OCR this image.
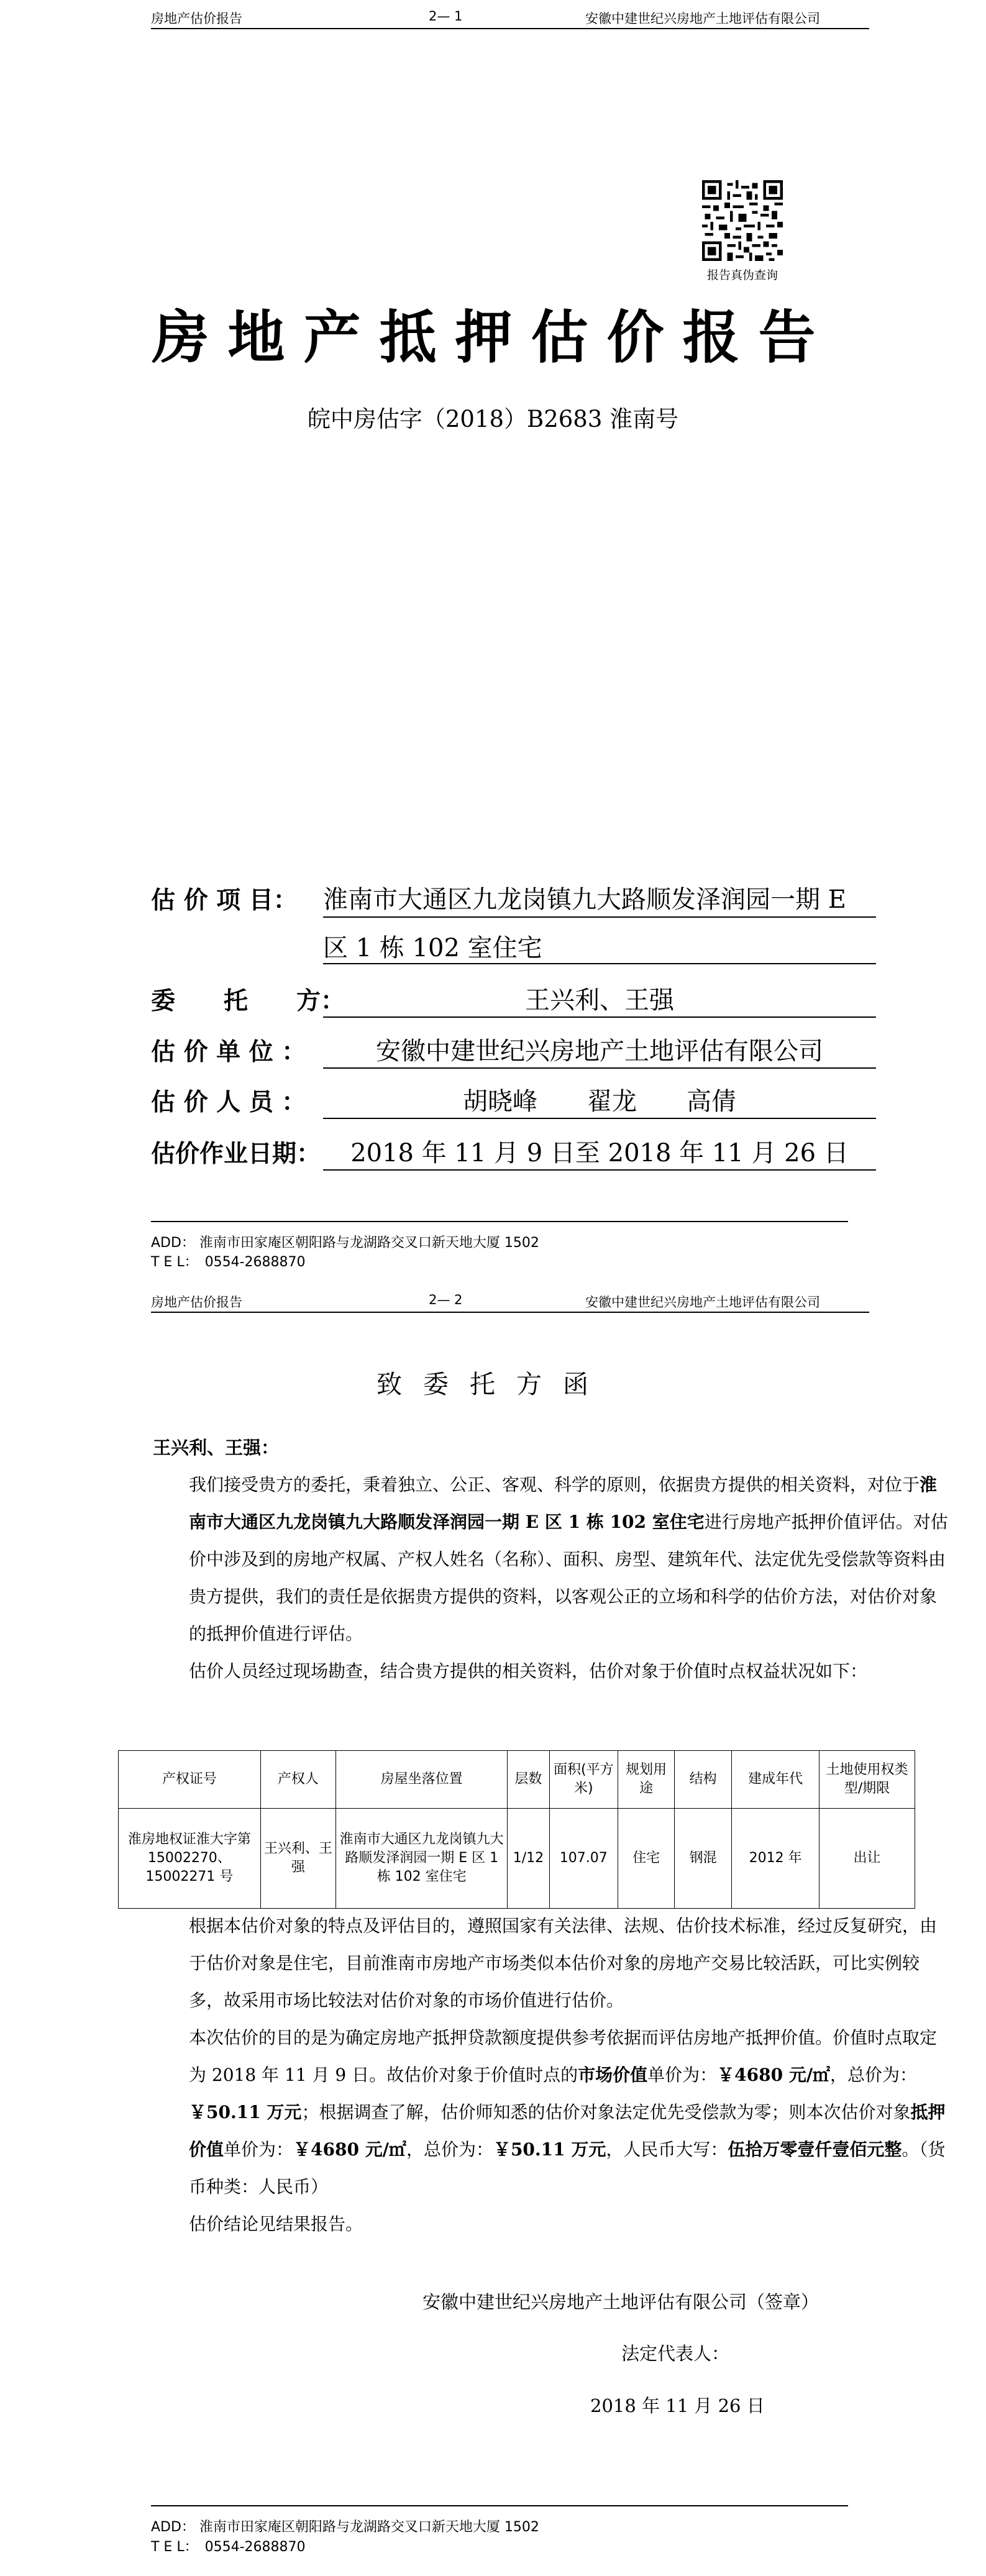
房地产估价报告	2— 1	安徽中建世纪兴房地产土地评估有限公司
报告真伪查询
房地产抵押估价报告
皖中房估字（2018）B2683 淮南号
估 价 项 目： 淮南市大通区九龙岗镇九大路顺发泽润园一期 E
区 1 栋 102 室住宅
委　　托　　方：	王兴利、王强
估 价 单 位 ：	安徽中建世纪兴房地产土地评估有限公司
估 价 人 员 ：	胡晓峰　　翟龙　　高倩
估价作业日期：	2018 年 11 月 9 日至 2018 年 11 月 26 日
ADD： 淮南市田家庵区朝阳路与龙湖路交叉口新天地大厦 1502
T E L：　0554-2688870
房地产估价报告	2— 2	安徽中建世纪兴房地产土地评估有限公司
致委托方函
王兴利、王强：
我们接受贵方的委托，秉着独立、公正、客观、科学的原则，依据贵方提供的相关资料，对位于淮南市大通区九龙岗镇九大路顺发泽润园一期 E 区 1 栋 102 室住宅进行房地产抵押价值评估。对估价中涉及到的房地产权属、产权人姓名（名称）、面积、房型、建筑年代、法定优先受偿款等资料由贵方提供，我们的责任是依据贵方提供的资料，以客观公正的立场和科学的估价方法，对估价对象的抵押价值进行评估。
估价人员经过现场勘查，结合贵方提供的相关资料，估价对象于价值时点权益状况如下：
产权证号	产权人	房屋坐落位置	层数	面积(平方米)	规划用途	结构	建成年代	土地使用权类型/期限
淮房地权证淮大字第 15002270、15002271 号	王兴利、王强	淮南市大通区九龙岗镇九大路顺发泽润园一期 E 区 1 栋 102 室住宅	1/12	107.07	住宅	钢混	2012 年	出让
根据本估价对象的特点及评估目的，遵照国家有关法律、法规、估价技术标准，经过反复研究，由于估价对象是住宅，目前淮南市房地产市场类似本估价对象的房地产交易比较活跃，可比实例较多，故采用市场比较法对估价对象的市场价值进行估价。
本次估价的目的是为确定房地产抵押贷款额度提供参考依据而评估房地产抵押价值。价值时点取定为 2018 年 11 月 9 日。故估价对象于价值时点的市场价值单价为：￥4680 元/㎡，总价为：￥50.11 万元；根据调查了解，估价师知悉的估价对象法定优先受偿款为零；则本次估价对象抵押价值单价为：￥4680 元/㎡，总价为：￥50.11 万元，人民币大写：伍拾万零壹仟壹佰元整。（货币种类：人民币）
估价结论见结果报告。
安徽中建世纪兴房地产土地评估有限公司（签章）
法定代表人：
2018 年 11 月 26 日
ADD： 淮南市田家庵区朝阳路与龙湖路交叉口新天地大厦 1502
T E L：　0554-2688870
